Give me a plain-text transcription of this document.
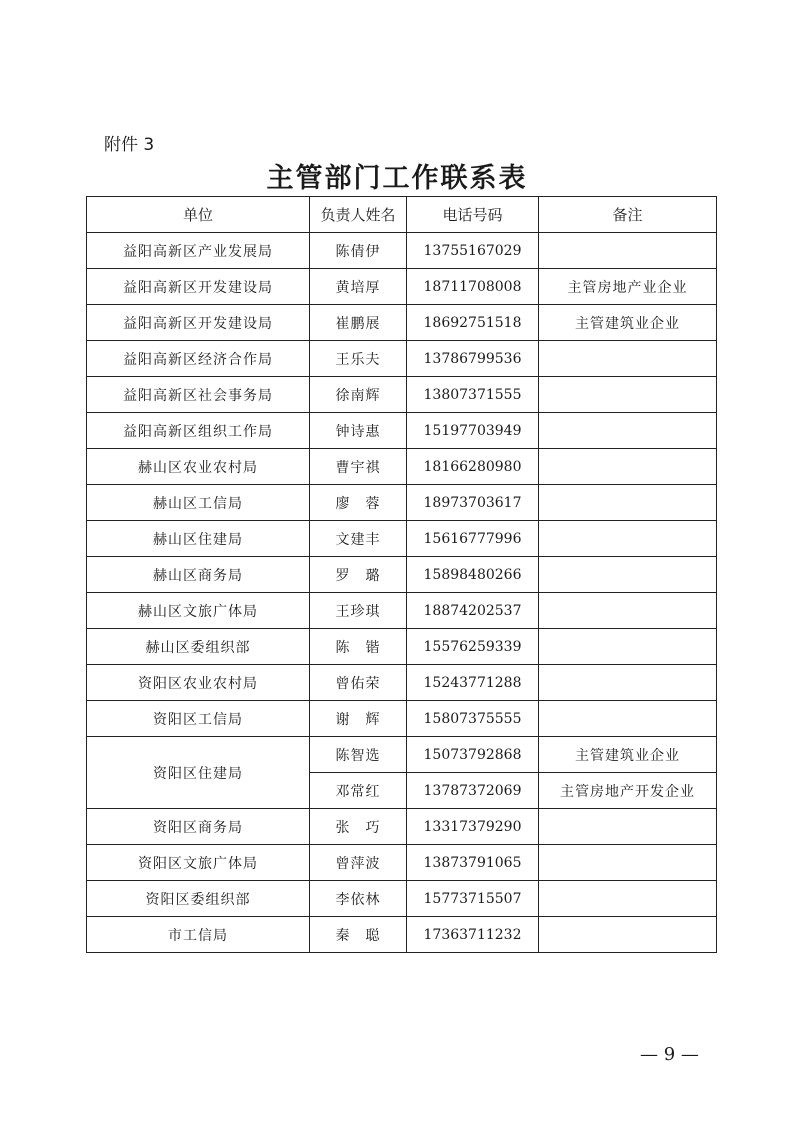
附件 3
主管部门工作联系表
单位	负责人姓名	电话号码	备注
益阳高新区产业发展局	陈倩伊	13755167029	
益阳高新区开发建设局	黄培厚	18711708008	主管房地产业企业
益阳高新区开发建设局	崔鹏展	18692751518	主管建筑业企业
益阳高新区经济合作局	王乐夫	13786799536	
益阳高新区社会事务局	徐南辉	13807371555	
益阳高新区组织工作局	钟诗惠	15197703949	
赫山区农业农村局	曹宇祺	18166280980	
赫山区工信局	廖　蓉	18973703617	
赫山区住建局	文建丰	15616777996	
赫山区商务局	罗　璐	15898480266	
赫山区文旅广体局	王珍琪	18874202537	
赫山区委组织部	陈　锴	15576259339	
资阳区农业农村局	曾佑荣	15243771288	
资阳区工信局	谢　辉	15807375555	
资阳区住建局	陈智选	15073792868	主管建筑业企业
	邓常红	13787372069	主管房地产开发企业
资阳区商务局	张　巧	13317379290	
资阳区文旅广体局	曾萍波	13873791065	
资阳区委组织部	李依林	15773715507	
市工信局	秦　聪	17363711232	
— 9 —
